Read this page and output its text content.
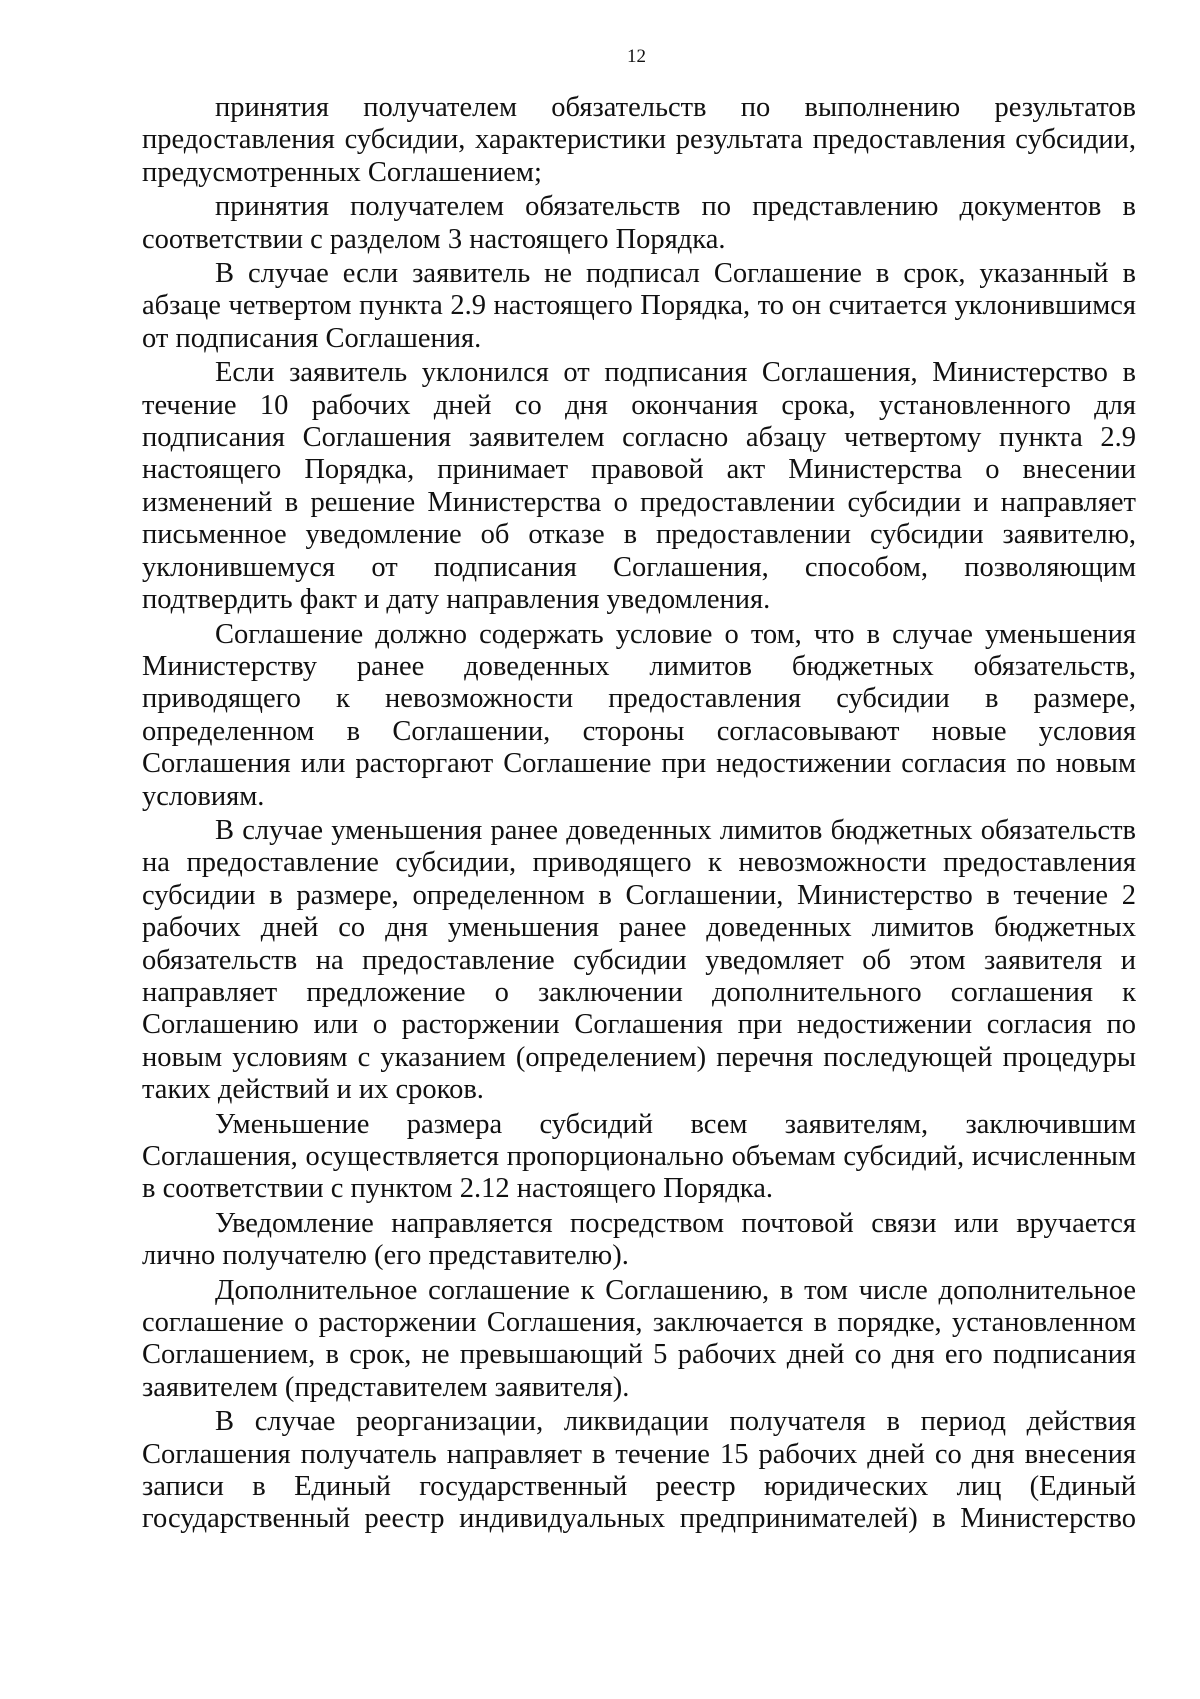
12

принятия получателем обязательств по выполнению результатов предоставления субсидии, характеристики результата предоставления субсидии, предусмотренных Соглашением;

принятия получателем обязательств по представлению документов в соответствии с разделом 3 настоящего Порядка.

В случае если заявитель не подписал Соглашение в срок, указанный в абзаце четвертом пункта 2.9 настоящего Порядка, то он считается уклонившимся от подписания Соглашения.

Если заявитель уклонился от подписания Соглашения, Министерство в течение 10 рабочих дней со дня окончания срока, установленного для подписания Соглашения заявителем согласно абзацу четвертому пункта 2.9 настоящего Порядка, принимает правовой акт Министерства о внесении изменений в решение Министерства о предоставлении субсидии и направляет письменное уведомление об отказе в предоставлении субсидии заявителю, уклонившемуся от подписания Соглашения, способом, позволяющим подтвердить факт и дату направления уведомления.

Соглашение должно содержать условие о том, что в случае уменьшения Министерству ранее доведенных лимитов бюджетных обязательств, приводящего к невозможности предоставления субсидии в размере, определенном в Соглашении, стороны согласовывают новые условия Соглашения или расторгают Соглашение при недостижении согласия по новым условиям.

В случае уменьшения ранее доведенных лимитов бюджетных обязательств на предоставление субсидии, приводящего к невозможности предоставления субсидии в размере, определенном в Соглашении, Министерство в течение 2 рабочих дней со дня уменьшения ранее доведенных лимитов бюджетных обязательств на предоставление субсидии уведомляет об этом заявителя и направляет предложение о заключении дополнительного соглашения к Соглашению или о расторжении Соглашения при недостижении согласия по новым условиям с указанием (определением) перечня последующей процедуры таких действий и их сроков.

Уменьшение размера субсидий всем заявителям, заключившим Соглашения, осуществляется пропорционально объемам субсидий, исчисленным в соответствии с пунктом 2.12 настоящего Порядка.

Уведомление направляется посредством почтовой связи или вручается лично получателю (его представителю).

Дополнительное соглашение к Соглашению, в том числе дополнительное соглашение о расторжении Соглашения, заключается в порядке, установленном Соглашением, в срок, не превышающий 5 рабочих дней со дня его подписания заявителем (представителем заявителя).

В случае реорганизации, ликвидации получателя в период действия Соглашения получатель направляет в течение 15 рабочих дней со дня внесения записи в Единый государственный реестр юридических лиц (Единый государственный реестр индивидуальных предпринимателей) в Министерство
